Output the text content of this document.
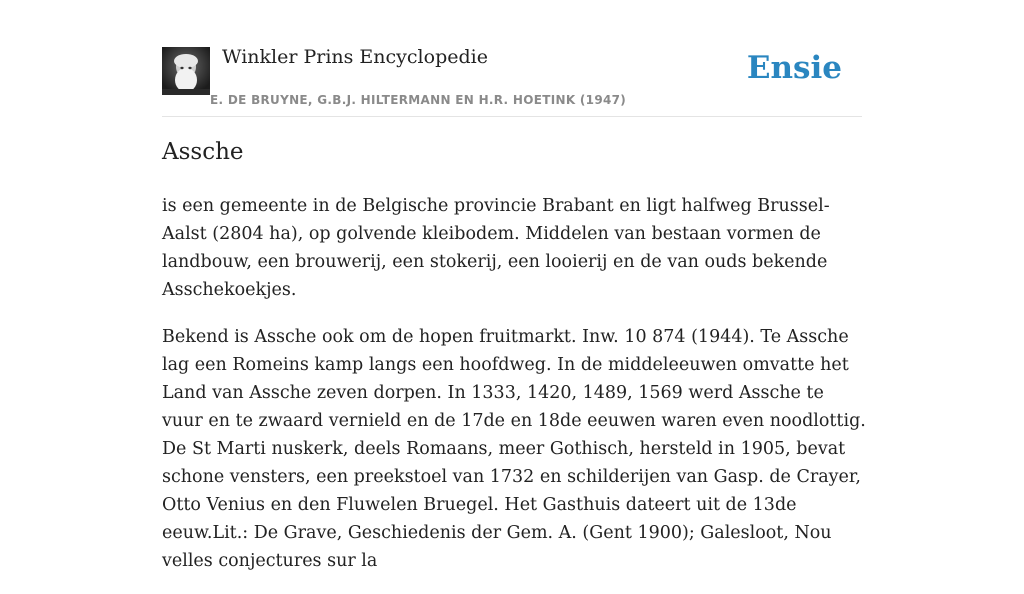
Winkler Prins Encyclopedie
E. DE BRUYNE, G.B.J. HILTERMANN EN H.R. HOETINK (1947)
Ensie
Assche

is een gemeente in de Belgische provincie Brabant en ligt halfweg Brussel-Aalst (2804 ha), op golvende kleibodem. Middelen van bestaan vormen de landbouw, een brouwerij, een stokerij, een looierij en de van ouds bekende Asschekoekjes.

Bekend is Assche ook om de hopen fruitmarkt. Inw. 10 874 (1944). Te Assche lag een Romeins kamp langs een hoofdweg. In de middeleeuwen omvatte het Land van Assche zeven dorpen. In 1333, 1420, 1489, 1569 werd Assche te vuur en te zwaard vernield en de 17de en 18de eeuwen waren even noodlottig. De St Marti nuskerk, deels Romaans, meer Gothisch, hersteld in 1905, bevat schone vensters, een preekstoel van 1732 en schilderijen van Gasp. de Crayer, Otto Venius en den Fluwelen Bruegel. Het Gasthuis dateert uit de 13de eeuw.Lit.: De Grave, Geschiedenis der Gem. A. (Gent 1900); Galesloot, Nou velles conjectures sur la
